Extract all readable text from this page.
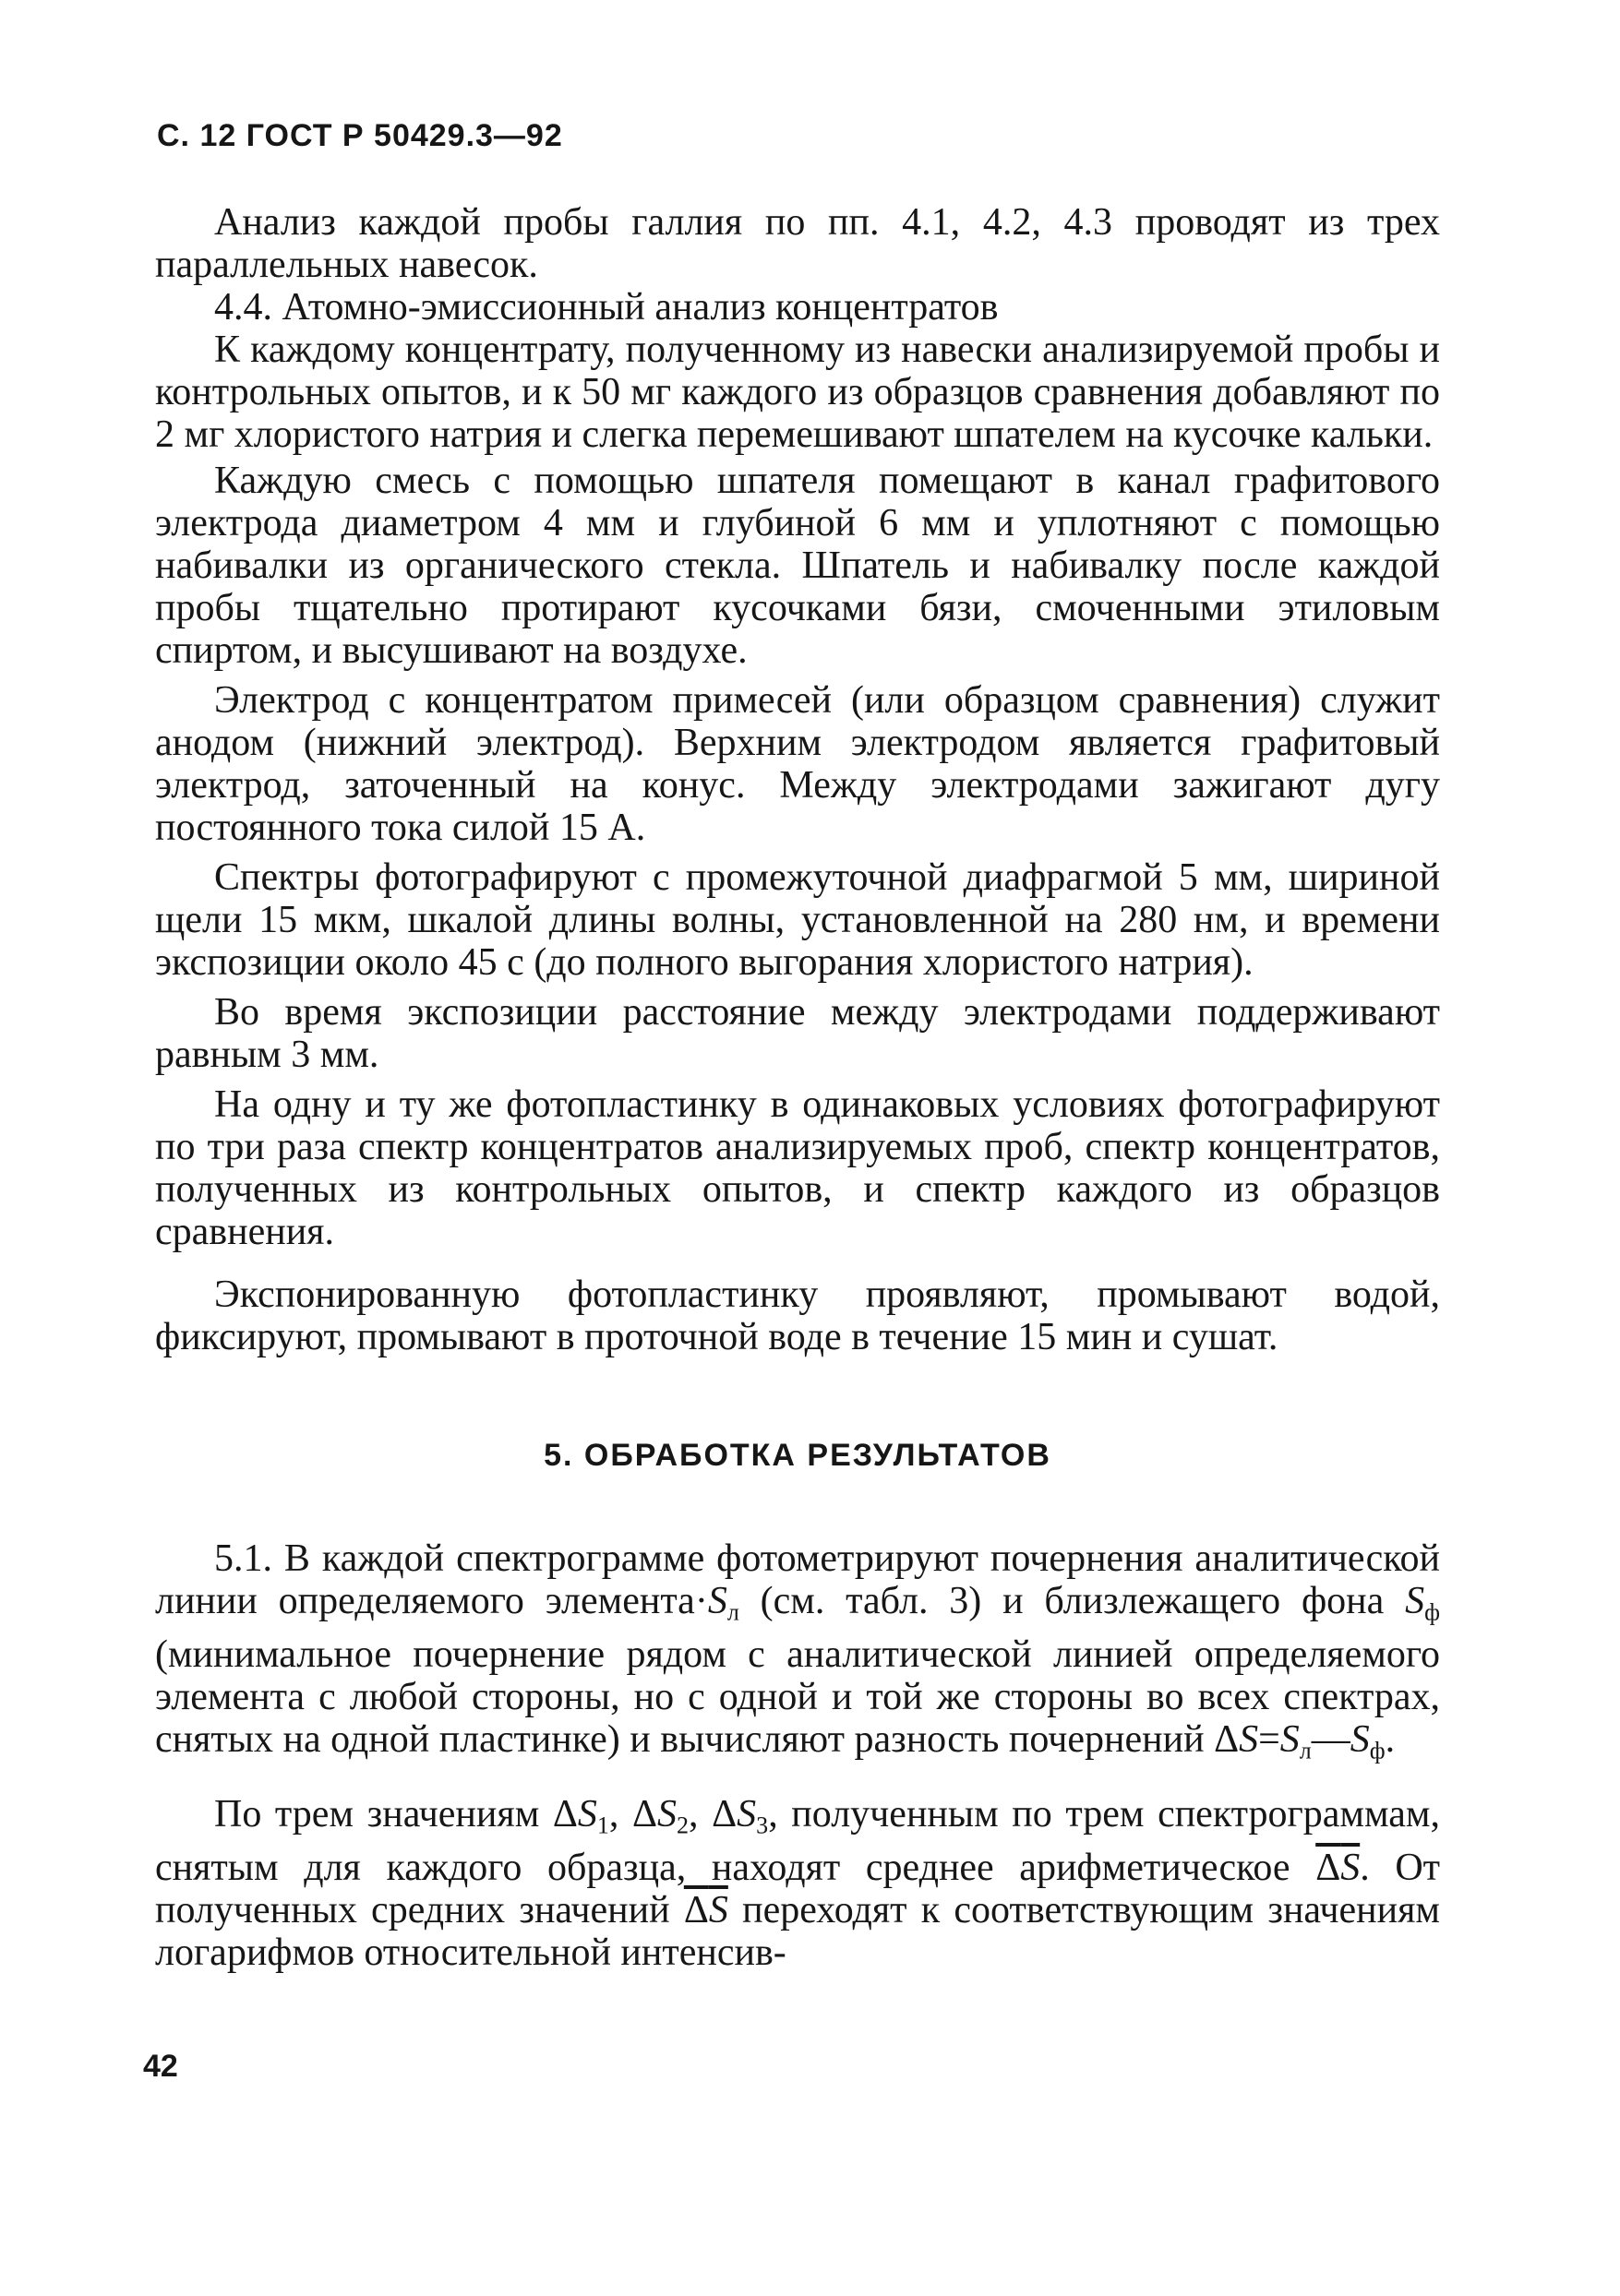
С. 12 ГОСТ Р 50429.3—92

Анализ каждой пробы галлия по пп. 4.1, 4.2, 4.3 проводят из трех параллельных навесок.

4.4. Атомно-эмиссионный анализ концентратов

К каждому концентрату, полученному из навески анализируемой пробы и контрольных опытов, и к 50 мг каждого из образцов сравнения добавляют по 2 мг хлористого натрия и слегка перемешивают шпателем на кусочке кальки.

Каждую смесь с помощью шпателя помещают в канал графитового электрода диаметром 4 мм и глубиной 6 мм и уплотняют с помощью набивалки из органического стекла. Шпатель и набивалку после каждой пробы тщательно протирают кусочками бязи, смоченными этиловым спиртом, и высушивают на воздухе.

Электрод с концентратом примесей (или образцом сравнения) служит анодом (нижний электрод). Верхним электродом является графитовый электрод, заточенный на конус. Между электродами зажигают дугу постоянного тока силой 15 А.

Спектры фотографируют с промежуточной диафрагмой 5 мм, шириной щели 15 мкм, шкалой длины волны, установленной на 280 нм, и времени экспозиции около 45 с (до полного выгорания хлористого натрия).

Во время экспозиции расстояние между электродами поддерживают равным 3 мм.

На одну и ту же фотопластинку в одинаковых условиях фотографируют по три раза спектр концентратов анализируемых проб, спектр концентратов, полученных из контрольных опытов, и спектр каждого из образцов сравнения.

Экспонированную фотопластинку проявляют, промывают водой, фиксируют, промывают в проточной воде в течение 15 мин и сушат.

5. ОБРАБОТКА РЕЗУЛЬТАТОВ

5.1. В каждой спектрограмме фотометрируют почернения аналитической линии определяемого $элемента\cdot S_л$ (см. табл. 3) и близлежащего фона $S_ф$ (минимальное почернение рядом с аналитической линией определяемого элемента с любой стороны, но с одной и той же стороны во всех спектрах, снятых на одной пластинке) и вычисляют разность почернений $\Delta S=S_л—S_ф$.

По трем значениям $\Delta S_1$, $\Delta S_2$, $\Delta S_3$, полученным по трем спектрограммам, снятым для каждого образца, находят среднее арифметическое ΔS. От полученных средних значений ΔS переходят к соответствующим значениям логарифмов относительной интенсив-

42
